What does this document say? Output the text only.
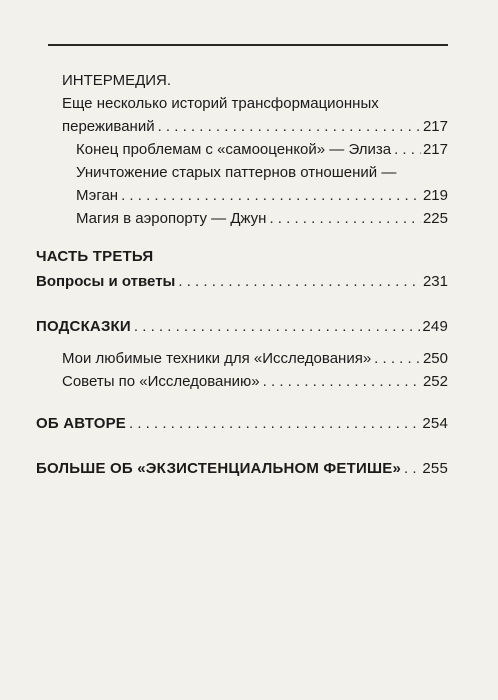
ИНТЕРМЕДИЯ.
Еще несколько историй трансформационных
переживаний . . .	217
Конец проблемам с «самооценкой» — Элиза . . . 217
Уничтожение старых паттернов отношений —
Мэган . . .	219
Магия в аэропорту — Джун . . .	225
ЧАСТЬ ТРЕТЬЯ
Вопросы и ответы . . .	231
ПОДСКАЗКИ . . .	249
Мои любимые техники для «Исследования» . . .	250
Советы по «Исследованию» . . .	252
ОБ АВТОРЕ . . .	254
БОЛЬШЕ ОБ «ЭКЗИСТЕНЦИАЛЬНОМ ФЕТИШЕ» . . . 255
